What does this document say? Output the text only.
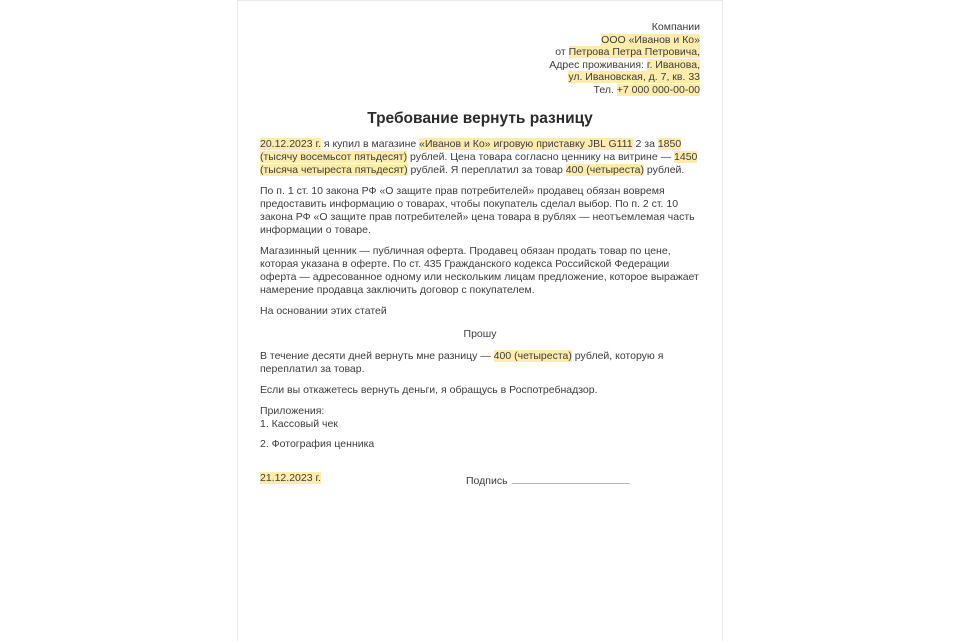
Компании
ООО «Иванов и Ко»
от Петрова Петра Петровича,
Адрес проживания: г. Иванова,
ул. Ивановская, д. 7, кв. 33
Тел. +7 000 000-00-00
Требование вернуть разницу
20.12.2023 г. я купил в магазине «Иванов и Ко» игровую приставку JBL G111 2 за 1850 (тысячу восемьсот пятьдесят) рублей. Цена товара согласно ценнику на витрине — 1450 (тысяча четыреста пятьдесят) рублей. Я переплатил за товар 400 (четыреста) рублей.
По п. 1 ст. 10 закона РФ «О защите прав потребителей» продавец обязан вовремя предоставить информацию о товарах, чтобы покупатель сделал выбор. По п. 2 ст. 10 закона РФ «О защите прав потребителей» цена товара в рублях — неотъемлемая часть информации о товаре.
Магазинный ценник — публичная оферта. Продавец обязан продать товар по цене, которая указана в оферте. По ст. 435 Гражданского кодекса Российской Федерации оферта — адресованное одному или нескольким лицам предложение, которое выражает намерение продавца заключить договор с покупателем.
На основании этих статей
Прошу
В течение десяти дней вернуть мне разницу — 400 (четыреста) рублей, которую я переплатил за товар.
Если вы откажетесь вернуть деньги, я обращусь в Роспотребнадзор.
Приложения:
1. Кассовый чек
2. Фотография ценника
21.12.2023 г.	Подпись
